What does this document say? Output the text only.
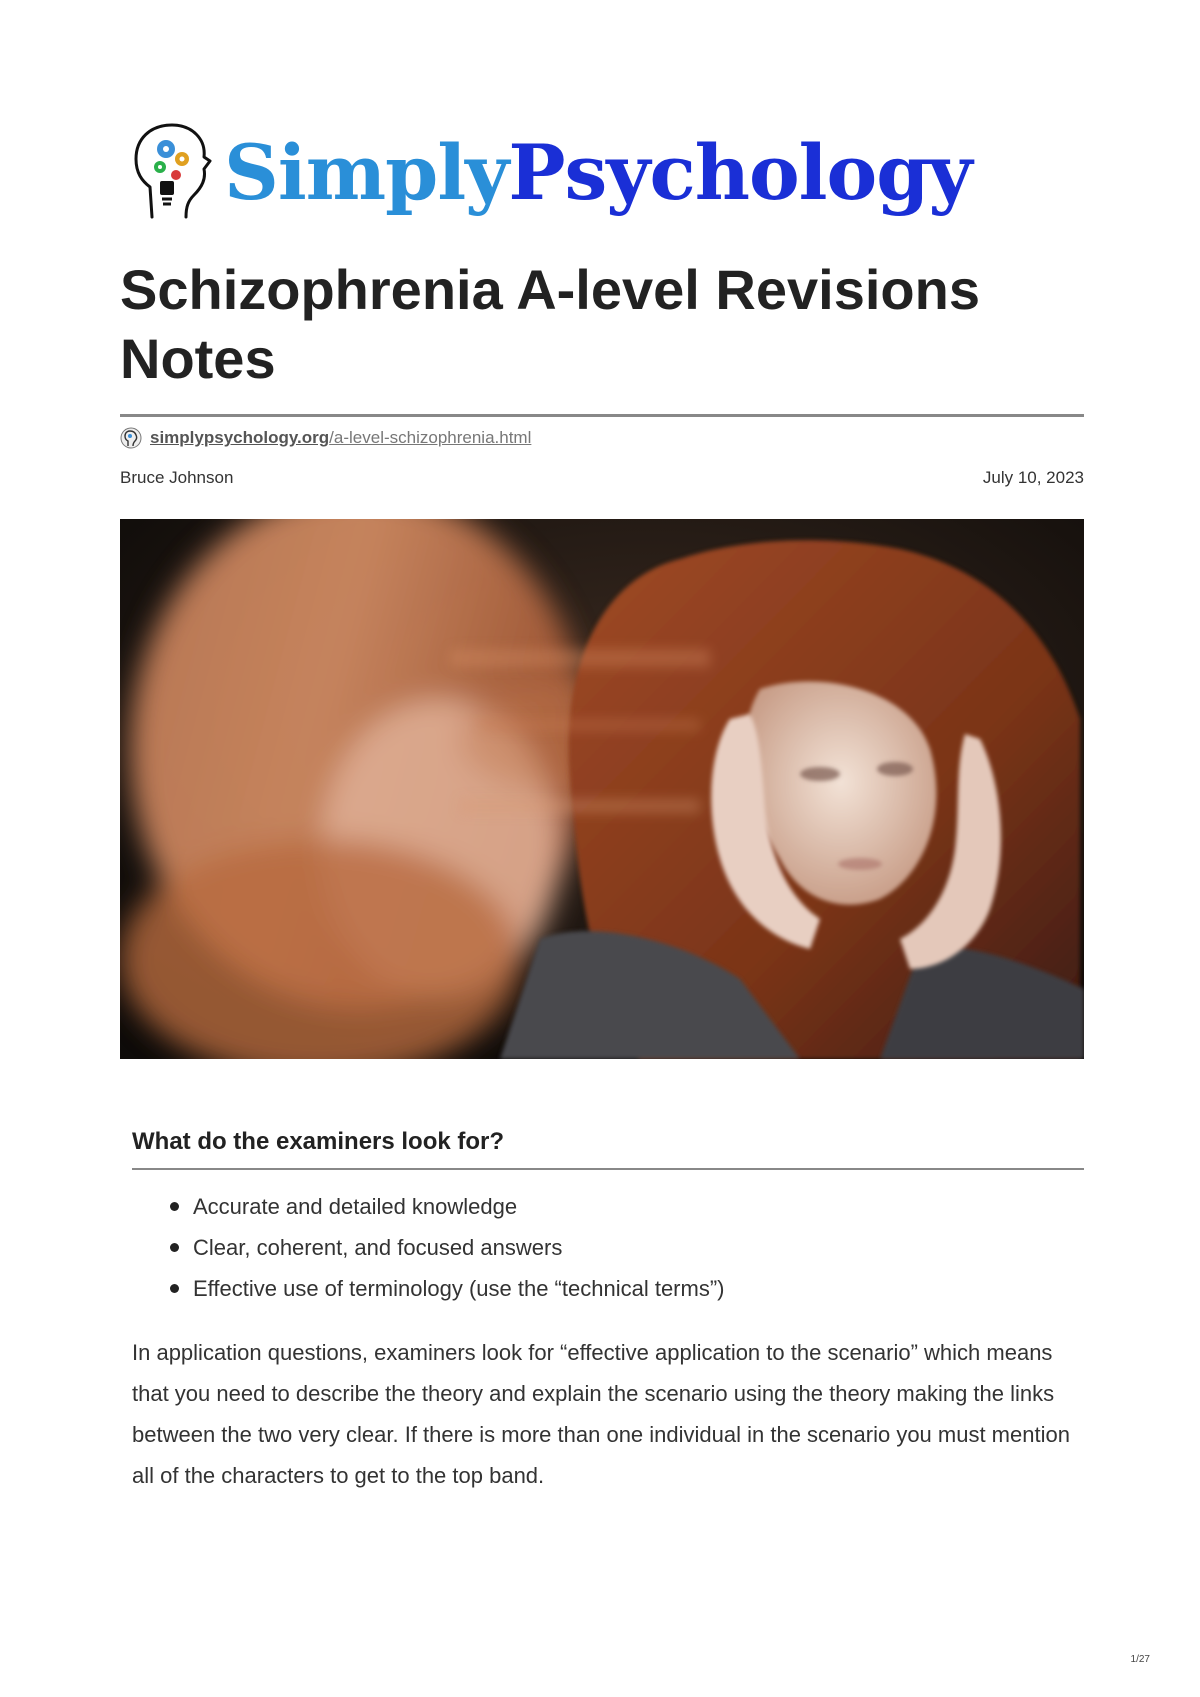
SimplyPsychology
Schizophrenia A-level Revisions Notes
simplypsychology.org /a-level-schizophrenia.html
Bruce Johnson	July 10, 2023
What do the examiners look for?
Accurate and detailed knowledge
Clear, coherent, and focused answers
Effective use of terminology (use the “technical terms”)

In application questions, examiners look for “effective application to the scenario” which means that you need to describe the theory and explain the scenario using the theory making the links between the two very clear. If there is more than one individual in the scenario you must mention all of the characters to get to the top band.

1/27
